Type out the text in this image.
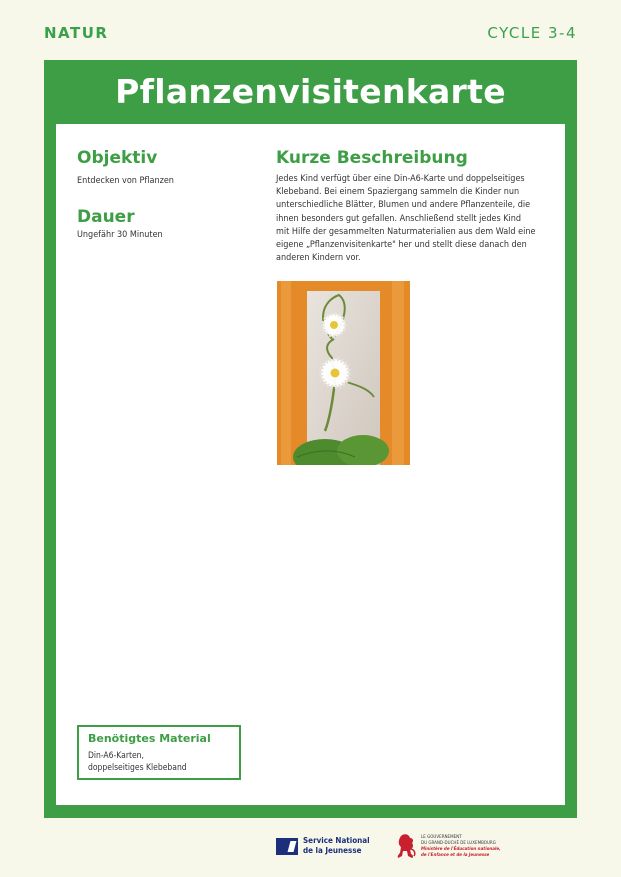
NATUR	CYCLE 3-4
Pflanzenvisitenkarte
Objektiv
Entdecken von Pflanzen
Dauer
Ungefähr 30 Minuten
Kurze Beschreibung
Jedes Kind verfügt über eine Din-A6-Karte und doppelseitiges
Klebeband. Bei einem Spaziergang sammeln die Kinder nun
unterschiedliche Blätter, Blumen und andere Pflanzenteile, die
ihnen besonders gut gefallen. Anschließend stellt jedes Kind
mit Hilfe der gesammelten Naturmaterialien aus dem Wald eine
eigene „Pflanzenvisitenkarte" her und stellt diese danach den
anderen Kindern vor.
Benötigtes Material
Din-A6-Karten,
doppelseitiges Klebeband
Service National
de la Jeunesse
LE GOUVERNEMENT
DU GRAND-DUCHÉ DE LUXEMBOURG
Ministère de l'Éducation nationale,
de l'Enfance et de la Jeunesse
